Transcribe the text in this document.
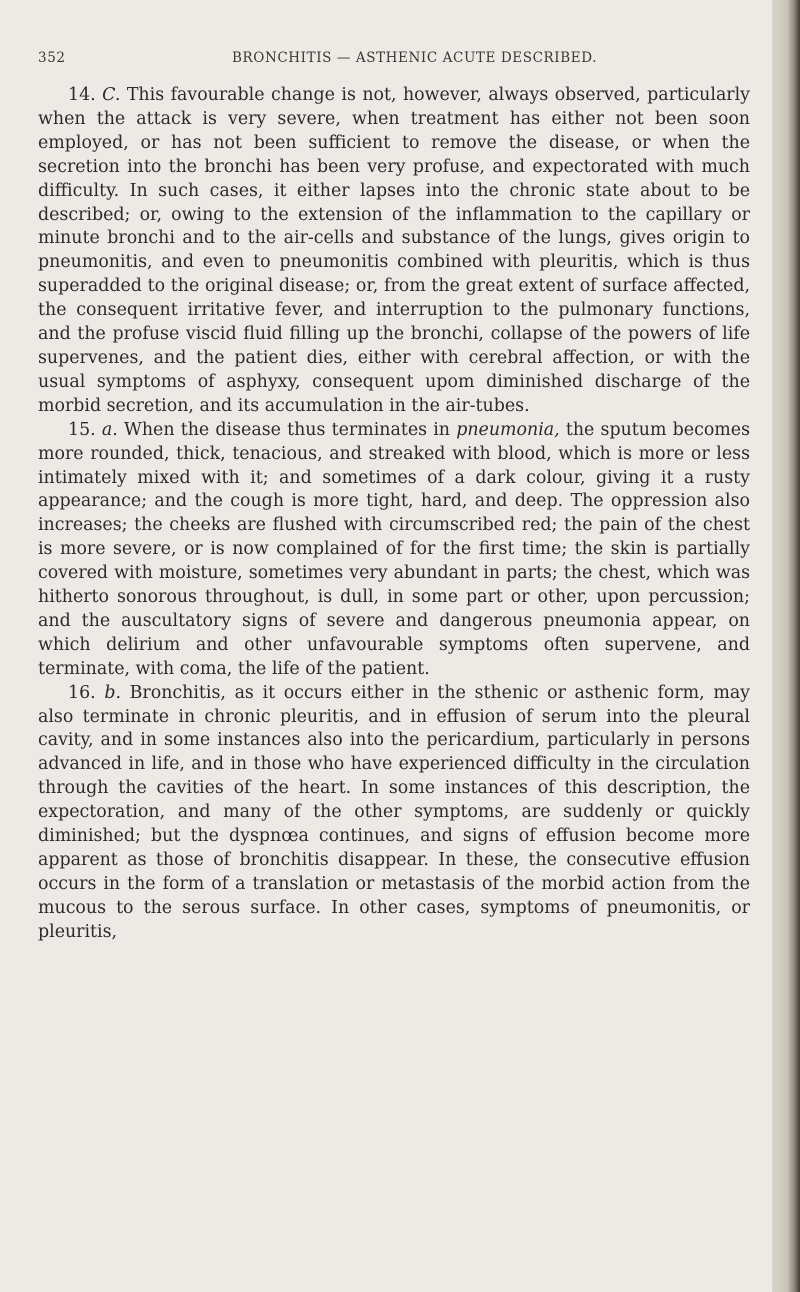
352	BRONCHITIS — ASTHENIC ACUTE DESCRIBED.

14. C. This favourable change is not, however, always observed, particularly when the attack is very severe, when treatment has either not been soon employed, or has not been sufficient to remove the disease, or when the secretion into the bronchi has been very profuse, and expectorated with much difficulty. In such cases, it either lapses into the chronic state about to be described; or, owing to the extension of the inflammation to the capillary or minute bronchi and to the air-cells and substance of the lungs, gives origin to pneumonitis, and even to pneumonitis combined with pleuritis, which is thus superadded to the original disease; or, from the great extent of surface affected, the consequent irritative fever, and interruption to the pulmonary functions, and the profuse viscid fluid filling up the bronchi, collapse of the powers of life supervenes, and the patient dies, either with cerebral affection, or with the usual symptoms of asphyxy, consequent upom diminished discharge of the morbid secretion, and its accumulation in the air-tubes.

15. a. When the disease thus terminates in pneumonia, the sputum becomes more rounded, thick, tenacious, and streaked with blood, which is more or less intimately mixed with it; and sometimes of a dark colour, giving it a rusty appearance; and the cough is more tight, hard, and deep. The oppression also increases; the cheeks are flushed with circumscribed red; the pain of the chest is more severe, or is now complained of for the first time; the skin is partially covered with moisture, sometimes very abundant in parts; the chest, which was hitherto sonorous throughout, is dull, in some part or other, upon percussion; and the auscultatory signs of severe and dangerous pneumonia appear, on which delirium and other unfavourable symptoms often supervene, and terminate, with coma, the life of the patient.

16. b. Bronchitis, as it occurs either in the sthenic or asthenic form, may also terminate in chronic pleuritis, and in effusion of serum into the pleural cavity, and in some instances also into the pericardium, particularly in persons advanced in life, and in those who have experienced difficulty in the circulation through the cavities of the heart. In some instances of this description, the expectoration, and many of the other symptoms, are suddenly or quickly diminished; but the dyspnœa continues, and signs of effusion become more apparent as those of bronchitis disappear. In these, the consecutive effusion occurs in the form of a translation or metastasis of the morbid action from the mucous to the serous surface. In other cases, symptoms of pneumonitis, or pleuritis,
